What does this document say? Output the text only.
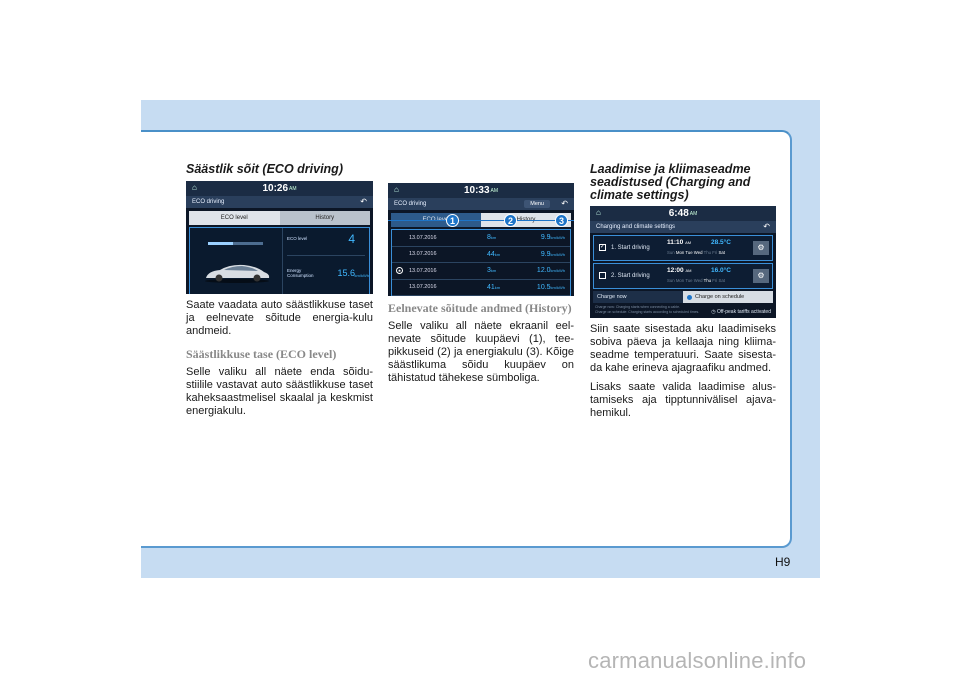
Säästlik sõit (ECO driving)
⌂	10:26 AM
ECO driving	↶
ECO level	History
ECO level	4
Energy
Consumption	15.6 km/kWh
Saate vaadata auto säästlikkuse taset ja eelnevate sõitude energia-kulu andmeid.
Säästlikkuse tase (ECO level)
Selle valiku all näete enda sõidu-stiilile vastavat auto säästlikkuse taset kaheksaastmelisel skaalal ja keskmist energiakulu.
⌂	10:33 AM
ECO driving	Menu	↶
13.07.2016	8km	9.9km/kWh
13.07.2016	44km	9.9km/kWh
★	13.07.2016	3km	12.0km/kWh
13.07.2016	41km	10.5km/kWh
1	2	3
Eelnevate sõitude andmed (History)
Selle valiku all näete ekraanil eel-nevate sõitude kuupäevi (1), tee-pikkuseid (2) ja energiakulu (3). Kõige säästlikuma sõidu kuupäev on tähistatud tähekese sümboliga.
Laadimise ja kliimaseadme
seadistused (Charging and
climate settings)
⌂	6:48 AM
Charging and climate settings	↶
✓ 1. Start driving
11:10 AM	28.5°C
Sun Mon Tue Wed Thu Fri Sat
⚙
2. Start driving
12:00 AM	16.0°C
Sun Mon Tue Wed Thu Fri Sat
⚙
Charge now	Charge on schedule
Charge now: Charging starts when connecting a cable.
Charge on schedule: Charging starts according to scheduled times.	◷ Off-peak tariffs activated
Siin saate sisestada aku laadimiseks sobiva päeva ja kellaaja ning kliima-seadme temperatuuri. Saate sisesta-da kahe erineva ajagraafiku andmed.
Lisaks saate valida laadimise alus-tamiseks aja tipptunnivälisel ajava-hemikul.
H9
carmanualsonline.info
